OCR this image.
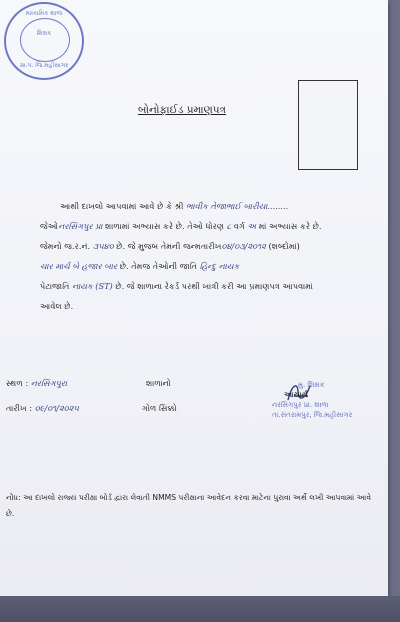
માધ્યમિક શાળા
શિક્ષક
ગ્રા.પં. જિ.મહીસાગર
બોનોફાઈડ પ્રમાણપત્ર
આથી દાખલો આપવામાં આવે છે કે શ્રી ભાવીક તેજાભાઈ બારીયા........
જેઓનરસિંગપુર પ્રા શાળામાં અભ્યાસ કરે છે. તેઓ ધોરણ ૮ વર્ગ અ માં અભ્યાસ કરે છે.
જેમનો જ.ર.નં. ૩૫૪૦ છે. જે મુજબ તેમની જન્મતારીખ૦૪/૦૩/૨૦૧૨ (શબ્દોમાં)
ચાર માર્ચ બે હજાર બાર છે. તેમજ તેઓની જાતિ હિન્દુ નાયક
પેટાજાતિ નાયક (ST) છે. જે શાળાના રેકર્ડ પરથી ખાત્રી કરી આ પ્રમાણપત્ર આપવામાં
આવેલ છે.
સ્થળ : નરસિંગપુરા	શાળાનો
તારીખ : ૦૯/૦૧/૨૦૨૫	ગોળ સિક્કો
મુ. શિક્ષક
આચાર્ય
નરસિંગપુર પ્રા. શાળા
તા.સંતરામપુર, જિ.મહીસાગર
નોંધ: આ દાખલો રાજ્ય પરીક્ષા બોર્ડ દ્વારા લેવાતી NMMS પરીક્ષાના આવેદન કરવા માટેના પુરાવા અર્થે લખી આપવામાં આવે છે.
